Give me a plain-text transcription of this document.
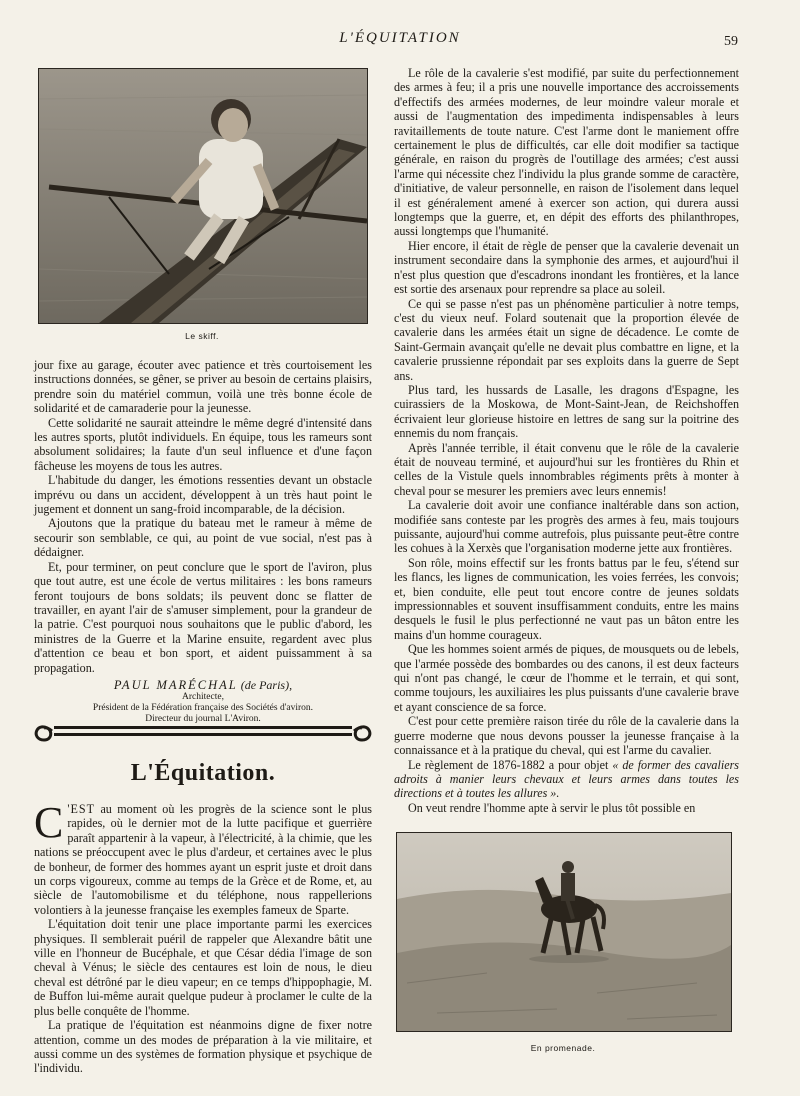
L'ÉQUITATION	59
Le skiff.

jour fixe au garage, écouter avec patience et très courtoisement les instructions données, se gêner, se priver au besoin de certains plaisirs, prendre soin du matériel commun, voilà une très bonne école de solidarité et de camaraderie pour la jeunesse.

Cette solidarité ne saurait atteindre le même degré d'intensité dans les autres sports, plutôt individuels. En équipe, tous les rameurs sont absolument solidaires; la faute d'un seul influence et d'une façon fâcheuse les moyens de tous les autres.

L'habitude du danger, les émotions ressenties devant un obstacle imprévu ou dans un accident, développent à un très haut point le jugement et donnent un sang-froid incomparable, de la décision.

Ajoutons que la pratique du bateau met le rameur à même de secourir son semblable, ce qui, au point de vue social, n'est pas à dédaigner.

Et, pour terminer, on peut conclure que le sport de l'aviron, plus que tout autre, est une école de vertus militaires : les bons rameurs feront toujours de bons soldats; ils peuvent donc se flatter de travailler, en ayant l'air de s'amuser simplement, pour la grandeur de la patrie. C'est pourquoi nous souhaitons que le public d'abord, les ministres de la Guerre et la Marine ensuite, regardent avec plus d'attention ce beau et bon sport, et aident puissamment à sa propagation.

PAUL MARÉCHAL (de Paris),
Architecte,
Président de la Fédération française des Sociétés d'aviron.
Directeur du journal L'Aviron.
L'Équitation.

C 'EST au moment où les progrès de la science sont le plus rapides, où le dernier mot de la lutte pacifique et guerrière paraît appartenir à la vapeur, à l'électricité, à la chimie, que les nations se préoccupent avec le plus d'ardeur, et certaines avec le plus de bonheur, de former des hommes ayant un esprit juste et droit dans un corps vigoureux, comme au temps de la Grèce et de Rome, et, au siècle de l'automobilisme et du téléphone, nous rappellerions volontiers à la jeunesse française les exemples fameux de Sparte.

L'équitation doit tenir une place importante parmi les exercices physiques. Il semblerait puéril de rappeler que Alexandre bâtit une ville en l'honneur de Bucéphale, et que César dédia l'image de son cheval à Vénus; le siècle des centaures est loin de nous, le dieu cheval est détrôné par le dieu vapeur; en ce temps d'hippophagie, M. de Buffon lui-même aurait quelque pudeur à proclamer le culte de la plus belle conquête de l'homme.

La pratique de l'équitation est néanmoins digne de fixer notre attention, comme un des modes de préparation à la vie militaire, et aussi comme un des systèmes de formation physique et psychique de l'individu.

Le rôle de la cavalerie s'est modifié, par suite du perfectionnement des armes à feu; il a pris une nouvelle importance des accroissements d'effectifs des armées modernes, de leur moindre valeur morale et aussi de l'augmentation des impedimenta indispensables à leurs ravitaillements de toute nature. C'est l'arme dont le maniement offre certainement le plus de difficultés, car elle doit modifier sa tactique générale, en raison du progrès de l'outillage des armées; c'est aussi l'arme qui nécessite chez l'individu la plus grande somme de caractère, d'initiative, de valeur personnelle, en raison de l'isolement dans lequel il est généralement amené à exercer son action, qui durera aussi longtemps que la guerre, et, en dépit des efforts des philanthropes, aussi longtemps que l'humanité.

Hier encore, il était de règle de penser que la cavalerie devenait un instrument secondaire dans la symphonie des armes, et aujourd'hui il n'est plus question que d'escadrons inondant les frontières, et la lance est sortie des arsenaux pour reprendre sa place au soleil.

Ce qui se passe n'est pas un phénomène particulier à notre temps, c'est du vieux neuf. Folard soutenait que la proportion élevée de cavalerie dans les armées était un signe de décadence. Le comte de Saint-Germain avançait qu'elle ne devait plus combattre en ligne, et la cavalerie prussienne répondait par ses exploits dans la guerre de Sept ans.

Plus tard, les hussards de Lasalle, les dragons d'Espagne, les cuirassiers de la Moskowa, de Mont-Saint-Jean, de Reichshoffen écrivaient leur glorieuse histoire en lettres de sang sur la poitrine des ennemis du nom français.

Après l'année terrible, il était convenu que le rôle de la cavalerie était de nouveau terminé, et aujourd'hui sur les frontières du Rhin et celles de la Vistule quels innombrables régiments prêts à monter à cheval pour se mesurer les premiers avec leurs ennemis!

La cavalerie doit avoir une confiance inaltérable dans son action, modifiée sans conteste par les progrès des armes à feu, mais toujours puissante, aujourd'hui comme autrefois, plus puissante peut-être contre les cohues à la Xerxès que l'organisation moderne jette aux frontières.

Son rôle, moins effectif sur les fronts battus par le feu, s'étend sur les flancs, les lignes de communication, les voies ferrées, les convois; et, bien conduite, elle peut tout encore contre de jeunes soldats impressionnables et souvent insuffisamment conduits, entre les mains desquels le fusil le plus perfectionné ne vaut pas un bâton entre les mains d'un homme courageux.

Que les hommes soient armés de piques, de mousquets ou de lebels, que l'armée possède des bombardes ou des canons, il est deux facteurs qui n'ont pas changé, le cœur de l'homme et le terrain, et qui sont, comme toujours, les auxiliaires les plus puissants d'une cavalerie brave et ayant conscience de sa force.

C'est pour cette première raison tirée du rôle de la cavalerie dans la guerre moderne que nous devons pousser la jeunesse française à la connaissance et à la pratique du cheval, qui est l'arme du cavalier.

Le règlement de 1876-1882 a pour objet « de former des cavaliers adroits à manier leurs chevaux et leurs armes dans toutes les directions et à toutes les allures ».

On veut rendre l'homme apte à servir le plus tôt possible en

En promenade.
